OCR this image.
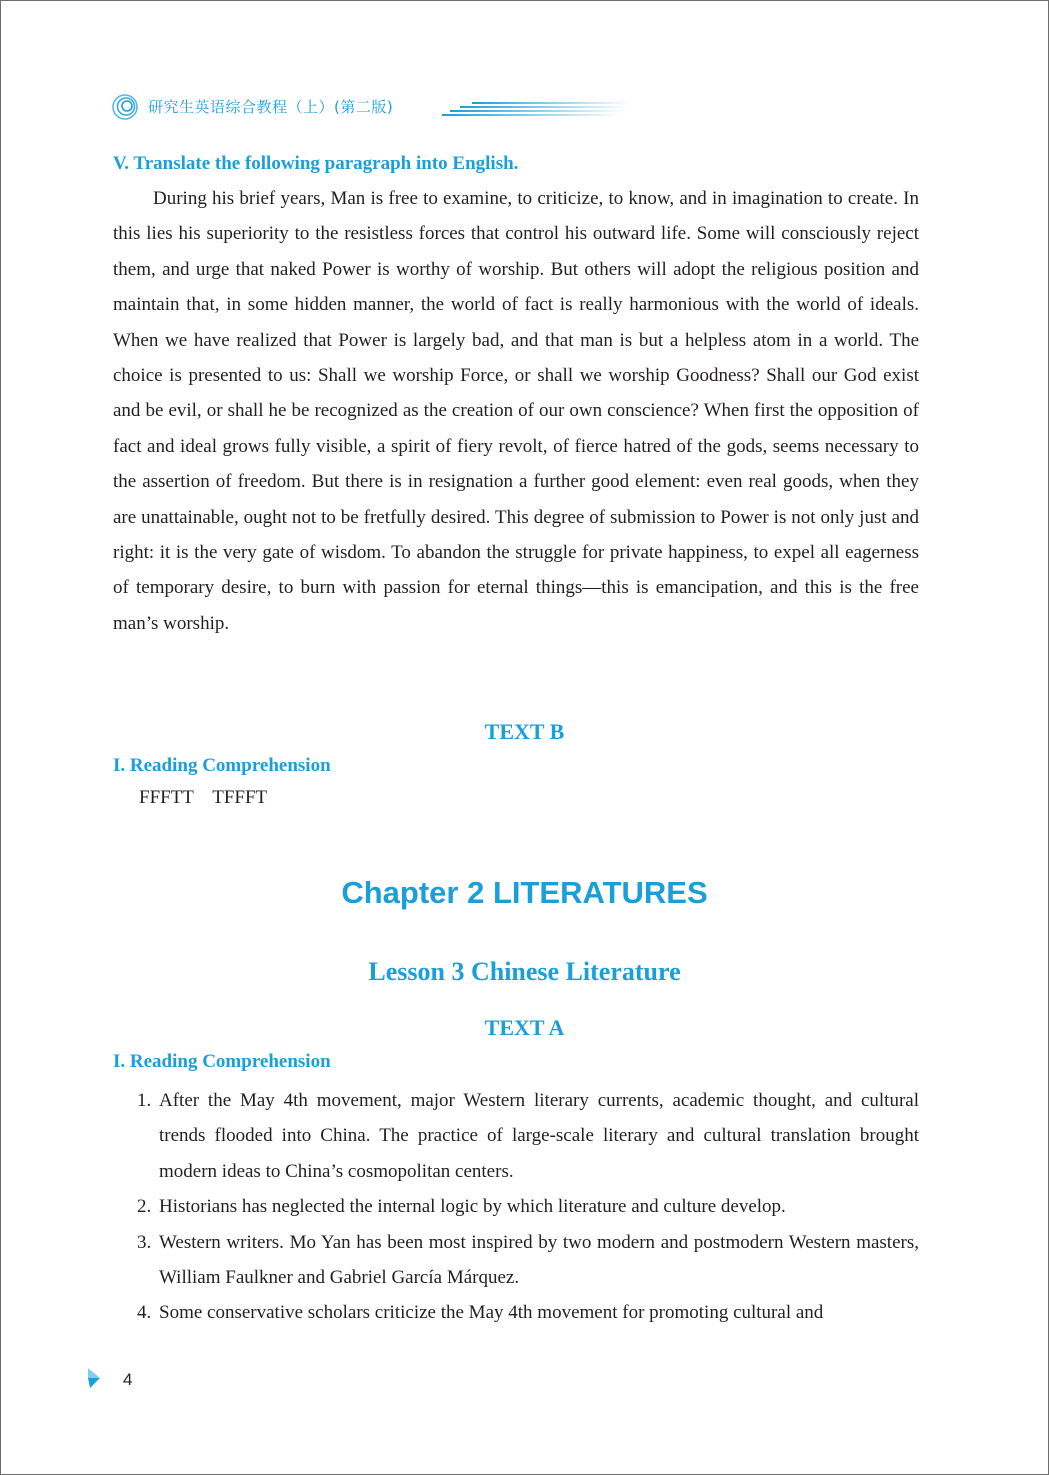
研究生英语综合教程（上）(第二版)
V. Translate the following paragraph into English.

During his brief years, Man is free to examine, to criticize, to know, and in imagination to create. In this lies his superiority to the resistless forces that control his outward life. Some will consciously reject them, and urge that naked Power is worthy of worship. But others will adopt the religious position and maintain that, in some hidden manner, the world of fact is really harmonious with the world of ideals. When we have realized that Power is largely bad, and that man is but a helpless atom in a world. The choice is presented to us: Shall we worship Force, or shall we worship Goodness? Shall our God exist and be evil, or shall he be recognized as the creation of our own conscience? When first the opposition of fact and ideal grows fully visible, a spirit of fiery revolt, of fierce hatred of the gods, seems necessary to the assertion of freedom. But there is in resignation a further good element: even real goods, when they are unattainable, ought not to be fretfully desired. This degree of submission to Power is not only just and right: it is the very gate of wisdom. To abandon the struggle for private happiness, to expel all eagerness of temporary desire, to burn with passion for eternal things—this is emancipation, and this is the free man’s worship.

TEXT B
I. Reading Comprehension
FFFTT    TFFFT
Chapter 2 LITERATURES
Lesson 3 Chinese Literature
TEXT A
I. Reading Comprehension
1. After the May 4th movement, major Western literary currents, academic thought, and cultural trends flooded into China. The practice of large-scale literary and cultural translation brought modern ideas to China’s cosmopolitan centers.
2. Historians has neglected the internal logic by which literature and culture develop.
3. Western writers. Mo Yan has been most inspired by two modern and postmodern Western masters, William Faulkner and Gabriel García Márquez.
4. Some conservative scholars criticize the May 4th movement for promoting cultural and
4
